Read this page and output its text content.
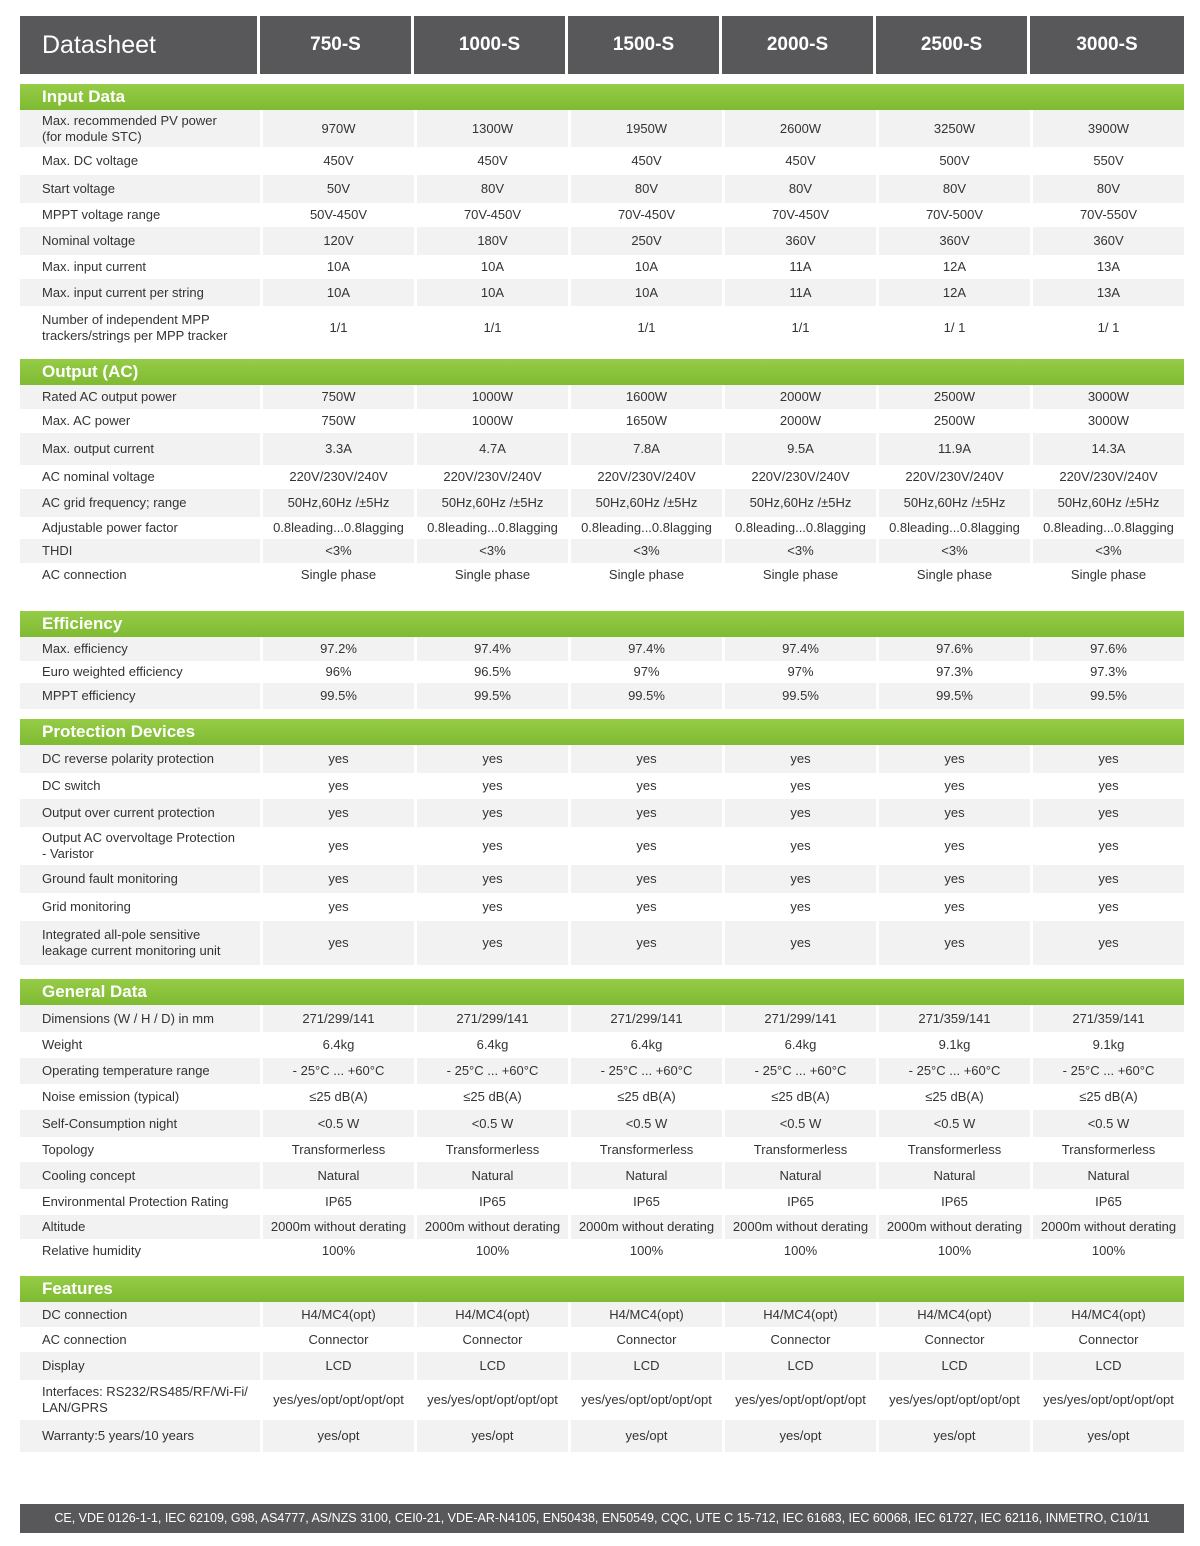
Datasheet	750-S	1000-S	1500-S	2000-S	2500-S	3000-S

Input Data						
Max. recommended PV power
(for module STC)	970W	1300W	1950W	2600W	3250W	3900W
Max. DC voltage	450V	450V	450V	450V	500V	550V
Start voltage	50V	80V	80V	80V	80V	80V
MPPT voltage range	50V-450V	70V-450V	70V-450V	70V-450V	70V-500V	70V-550V
Nominal voltage	120V	180V	250V	360V	360V	360V
Max. input current	10A	10A	10A	11A	12A	13A
Max. input current per string	10A	10A	10A	11A	12A	13A
Number of independent MPP
trackers/strings per MPP tracker	1/1	1/1	1/1	1/1	1/ 1	1/ 1

Output (AC)						
Rated AC output power	750W	1000W	1600W	2000W	2500W	3000W
Max. AC power	750W	1000W	1650W	2000W	2500W	3000W
Max. output current	3.3A	4.7A	7.8A	9.5A	11.9A	14.3A
AC nominal voltage	220V/230V/240V	220V/230V/240V	220V/230V/240V	220V/230V/240V	220V/230V/240V	220V/230V/240V
AC grid frequency; range	50Hz,60Hz /±5Hz	50Hz,60Hz /±5Hz	50Hz,60Hz /±5Hz	50Hz,60Hz /±5Hz	50Hz,60Hz /±5Hz	50Hz,60Hz /±5Hz
Adjustable power factor	0.8leading...0.8lagging	0.8leading...0.8lagging	0.8leading...0.8lagging	0.8leading...0.8lagging	0.8leading...0.8lagging	0.8leading...0.8lagging
THDI	<3%	<3%	<3%	<3%	<3%	<3%
AC connection	Single phase	Single phase	Single phase	Single phase	Single phase	Single phase

Efficiency						
Max. efficiency	97.2%	97.4%	97.4%	97.4%	97.6%	97.6%
Euro weighted efficiency	96%	96.5%	97%	97%	97.3%	97.3%
MPPT efficiency	99.5%	99.5%	99.5%	99.5%	99.5%	99.5%

Protection Devices						
DC reverse polarity protection	yes	yes	yes	yes	yes	yes
DC switch	yes	yes	yes	yes	yes	yes
Output over current protection	yes	yes	yes	yes	yes	yes
Output AC overvoltage Protection
- Varistor	yes	yes	yes	yes	yes	yes
Ground fault monitoring	yes	yes	yes	yes	yes	yes
Grid monitoring	yes	yes	yes	yes	yes	yes
Integrated all-pole sensitive
leakage current monitoring unit	yes	yes	yes	yes	yes	yes

General Data						
Dimensions (W / H / D) in mm	271/299/141	271/299/141	271/299/141	271/299/141	271/359/141	271/359/141
Weight	6.4kg	6.4kg	6.4kg	6.4kg	9.1kg	9.1kg
Operating temperature range	- 25°C ... +60°C	- 25°C ... +60°C	- 25°C ... +60°C	- 25°C ... +60°C	- 25°C ... +60°C	- 25°C ... +60°C
Noise emission (typical)	≤25 dB(A)	≤25 dB(A)	≤25 dB(A)	≤25 dB(A)	≤25 dB(A)	≤25 dB(A)
Self-Consumption night	<0.5 W	<0.5 W	<0.5 W	<0.5 W	<0.5 W	<0.5 W
Topology	Transformerless	Transformerless	Transformerless	Transformerless	Transformerless	Transformerless
Cooling concept	Natural	Natural	Natural	Natural	Natural	Natural
Environmental Protection Rating	IP65	IP65	IP65	IP65	IP65	IP65
Altitude	2000m without derating	2000m without derating	2000m without derating	2000m without derating	2000m without derating	2000m without derating
Relative humidity	100%	100%	100%	100%	100%	100%

Features						
DC connection	H4/MC4(opt)	H4/MC4(opt)	H4/MC4(opt)	H4/MC4(opt)	H4/MC4(opt)	H4/MC4(opt)
AC connection	Connector	Connector	Connector	Connector	Connector	Connector
Display	LCD	LCD	LCD	LCD	LCD	LCD
Interfaces: RS232/RS485/RF/Wi-Fi/
LAN/GPRS	yes/yes/opt/opt/opt/opt	yes/yes/opt/opt/opt/opt	yes/yes/opt/opt/opt/opt	yes/yes/opt/opt/opt/opt	yes/yes/opt/opt/opt/opt	yes/yes/opt/opt/opt/opt
Warranty:5 years/10 years	yes/opt	yes/opt	yes/opt	yes/opt	yes/opt	yes/opt
CE, VDE 0126-1-1, IEC 62109, G98, AS4777, AS/NZS 3100, CEI0-21, VDE-AR-N4105, EN50438, EN50549, CQC, UTE C 15-712, IEC 61683, IEC 60068, IEC 61727, IEC 62116, INMETRO, C10/11
